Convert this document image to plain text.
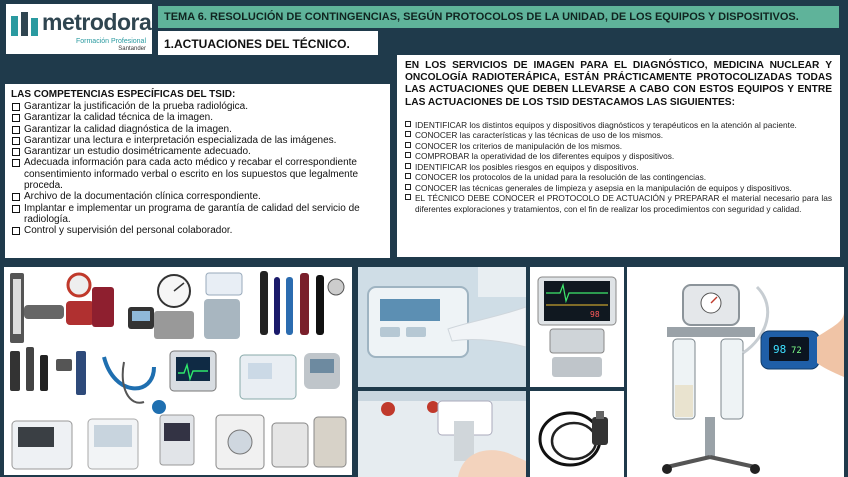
metrodora
Formación Profesional
Santander
TEMA 6. RESOLUCIÓN DE CONTINGENCIAS, SEGÚN PROTOCOLOS DE LA UNIDAD, DE LOS EQUIPOS Y DISPOSITIVOS.
1.ACTUACIONES DEL TÉCNICO.
LAS COMPETENCIAS ESPECÍFICAS DEL TSID:
Garantizar la justificación de la prueba radiológica.
Garantizar la calidad técnica de la imagen.
Garantizar la calidad diagnóstica de la imagen.
Garantizar una lectura e interpretación especializada de las imágenes.
Garantizar un estudio dosimétricamente adecuado.
Adecuada información para cada acto médico y recabar el correspondiente consentimiento informado verbal o escrito en los supuestos que legalmente proceda.
Archivo de la documentación clínica correspondiente.
Implantar e implementar un programa de garantía de calidad del servicio de radiología.
Control y supervisión del personal colaborador.
EN LOS SERVICIOS DE IMAGEN PARA EL DIAGNÓSTICO, MEDICINA NUCLEAR Y ONCOLOGÍA RADIOTERÁPICA, ESTÁN PRÁCTICAMENTE PROTOCOLIZADAS TODAS LAS ACTUACIONES QUE DEBEN LLEVARSE A CABO CON ESTOS EQUIPOS Y ENTRE LAS ACTUACIONES DE LOS TSID DESTACAMOS LAS SIGUIENTES:
IDENTIFICAR los distintos equipos y dispositivos diagnósticos y terapéuticos en la atención al paciente.
CONOCER las características y las técnicas de uso de los mismos.
CONOCER los criterios de manipulación de los mismos.
COMPROBAR la operatividad de los diferentes equipos y dispositivos.
IDENTIFICAR los posibles riesgos en equipos y dispositivos.
CONOCER los protocolos de la unidad para la resolución de las contingencias.
CONOCER las técnicas generales de limpieza y asepsia en la manipulación de equipos y dispositivos.
EL TÉCNICO DEBE CONOCER el PROTOCOLO DE ACTUACIÓN y PREPARAR el material necesario para las diferentes exploraciones y tratamientos, con el fin de realizar los procedimientos con seguridad y calidad.
98
98 72
